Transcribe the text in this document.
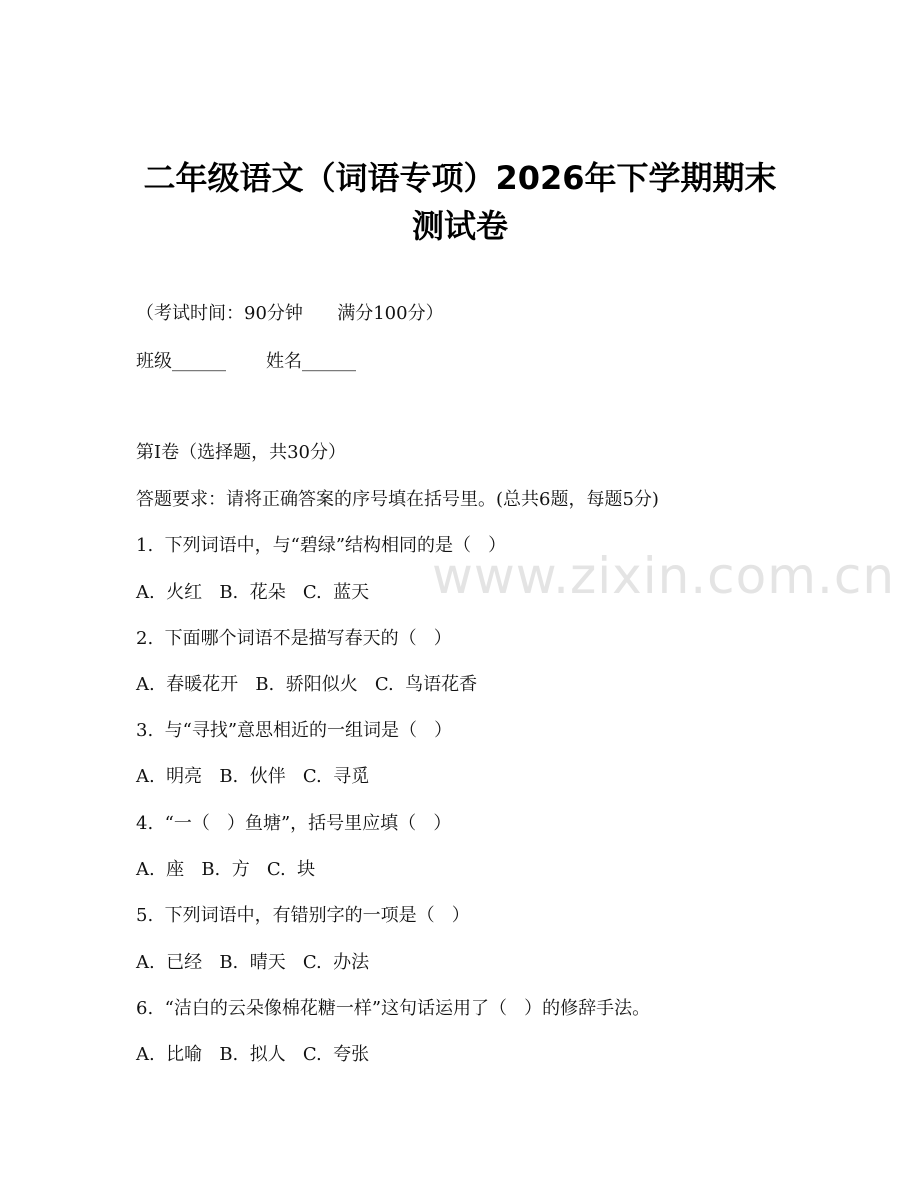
二年级语文（词语专项）2026年下学期期末
测试卷
（考试时间：90分钟      满分100分）
班级______       姓名______
第I卷（选择题，共30分）
答题要求：请将正确答案的序号填在括号里。(总共6题，每题5分)
www.zixin.com.cn
1.  下列词语中，与“碧绿”结构相同的是（   ）
A.  火红   B.  花朵   C.  蓝天
2.  下面哪个词语不是描写春天的（   ）
A.  春暖花开   B.  骄阳似火   C.  鸟语花香
3.  与“寻找”意思相近的一组词是（   ）
A.  明亮   B.  伙伴   C.  寻觅
4.  “一（   ）鱼塘”，括号里应填（   ）
A.  座   B.  方   C.  块
5.  下列词语中，有错别字的一项是（   ）
A.  已经   B.  晴天   C.  办法
6.  “洁白的云朵像棉花糖一样”这句话运用了（   ）的修辞手法。
A.  比喻   B.  拟人   C.  夸张
